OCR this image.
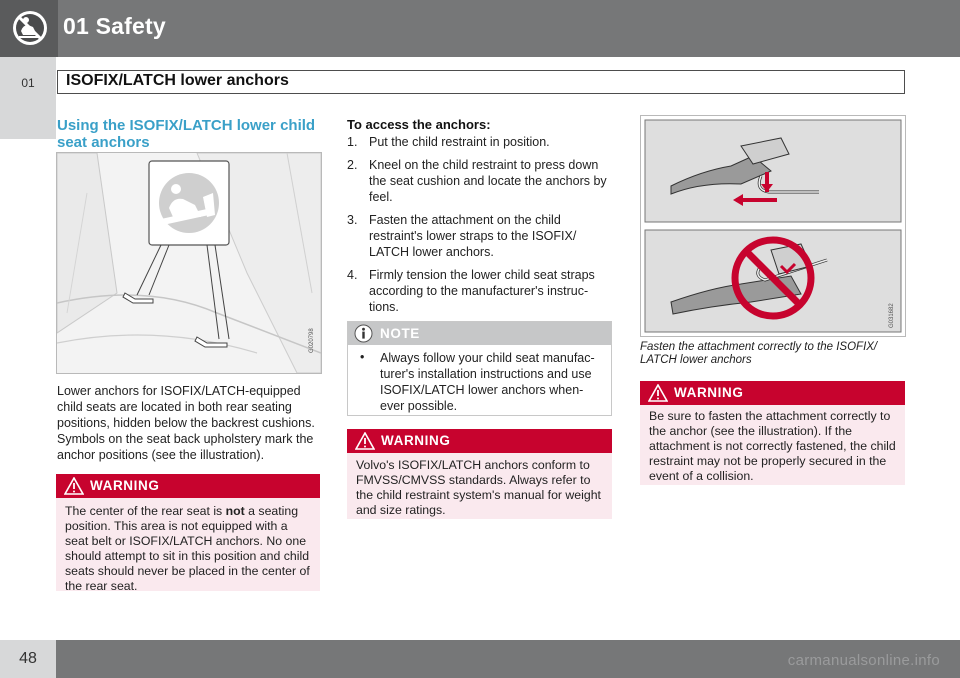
01 Safety
01	ISOFIX/LATCH lower anchors
Using the ISOFIX/LATCH lower child seat anchors
G020798
Lower anchors for ISOFIX/LATCH-equipped child seats are located in both rear seating positions, hidden below the backrest cushions. Symbols on the seat back upholstery mark the anchor positions (see the illustration).
WARNING
The center of the rear seat is not a seating position. This area is not equipped with a seat belt or ISOFIX/LATCH anchors. No one should attempt to sit in this position and child seats should never be placed in the center of the rear seat.
To access the anchors:
1. Put the child restraint in position.
2. Kneel on the child restraint to press down the seat cushion and locate the anchors by feel.
3. Fasten the attachment on the child restraint's lower straps to the ISOFIX/ LATCH lower anchors.
4. Firmly tension the lower child seat straps according to the manufacturer's instruc- tions.
NOTE
• Always follow your child seat manufac- turer's installation instructions and use ISOFIX/LATCH lower anchors when- ever possible.
WARNING
Volvo's ISOFIX/LATCH anchors conform to FMVSS/CMVSS standards. Always refer to the child restraint system's manual for weight and size ratings.
G031682
Fasten the attachment correctly to the ISOFIX/ LATCH lower anchors
WARNING
Be sure to fasten the attachment correctly to the anchor (see the illustration). If the attachment is not correctly fastened, the child restraint may not be properly secured in the event of a collision.
48	carmanualsonline.info
